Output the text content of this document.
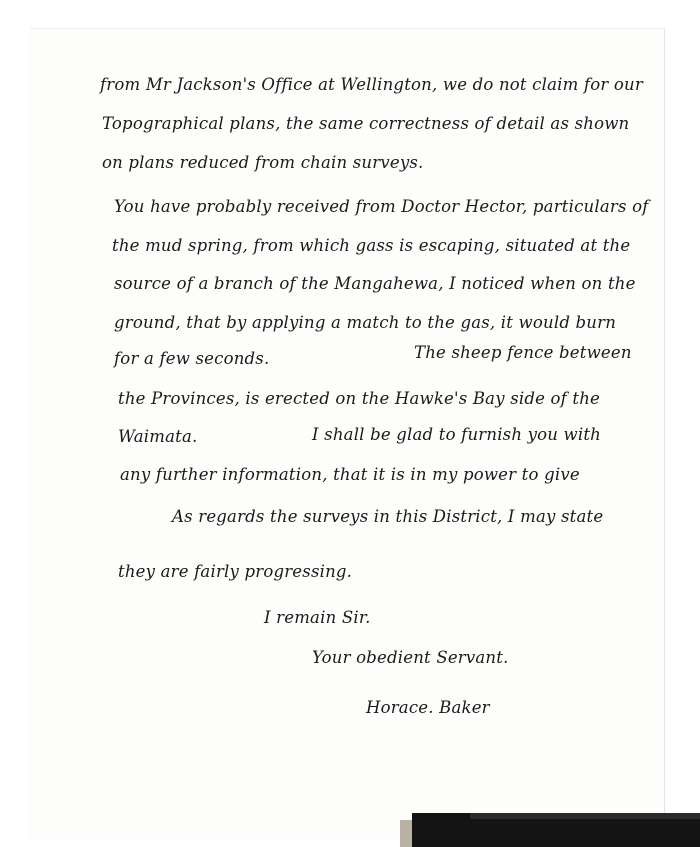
from Mr Jackson's Office at Wellington, we do not claim for our

Topographical plans, the same correctness of detail as shown

on plans reduced from chain surveys.

You have probably received from Doctor Hector, particulars of

the mud spring, from which gass is escaping, situated at the

source of a branch of the Mangahewa, I noticed when on the

ground, that by applying a match to the gas, it would burn

for a few seconds.	The sheep fence between

the Provinces, is erected on the Hawke's Bay side of the

Waimata.	I shall be glad to furnish you with

any further information, that it is in my power to give

As regards the surveys in this District, I may state

they are fairly progressing.

I remain Sir.

Your obedient Servant.

Horace. Baker
